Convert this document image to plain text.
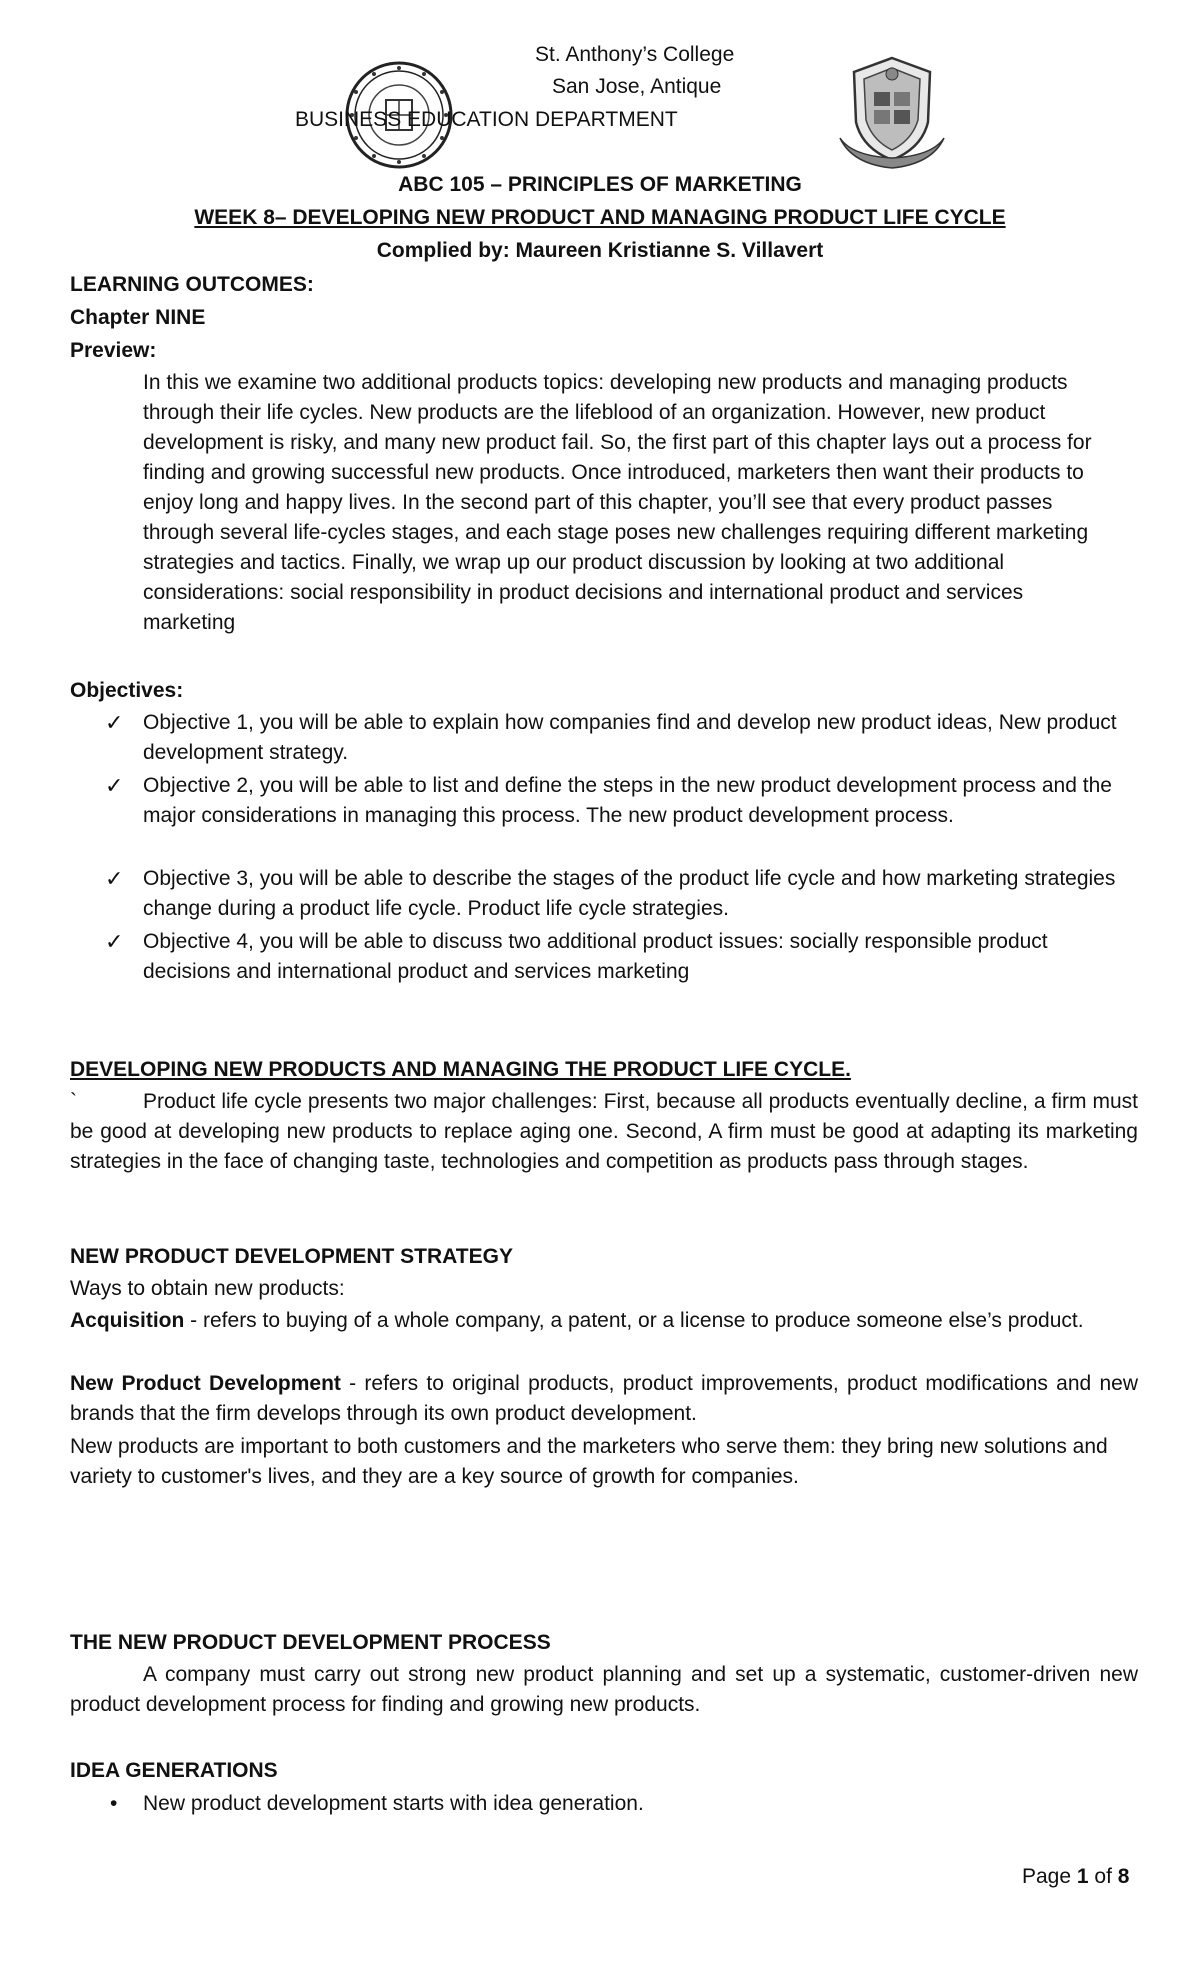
St. Anthony’s College
San Jose, Antique
BUSINESS EDUCATION DEPARTMENT
ABC 105 – PRINCIPLES OF MARKETING
WEEK 8– DEVELOPING NEW PRODUCT AND MANAGING PRODUCT LIFE CYCLE
Complied by: Maureen Kristianne S. Villavert
LEARNING OUTCOMES:
Chapter NINE
Preview:
In this we examine two additional products topics: developing new products and managing products through their life cycles. New products are the lifeblood of an organization. However, new product development is risky, and many new product fail. So, the first part of this chapter lays out a process for finding and growing successful new products. Once introduced, marketers then want their products to enjoy long and happy lives. In the second part of this chapter, you’ll see that every product passes through several life-cycles stages, and each stage poses new challenges requiring different marketing strategies and tactics. Finally, we wrap up our product discussion by looking at two additional considerations: social responsibility in product decisions and international product and services marketing
Objectives:
✓ Objective 1, you will be able to explain how companies find and develop new product ideas, New product development strategy.
✓ Objective 2, you will be able to list and define the steps in the new product development process and the major considerations in managing this process. The new product development process.
✓ Objective 3, you will be able to describe the stages of the product life cycle and how marketing strategies change during a product life cycle. Product life cycle strategies.
✓ Objective 4, you will be able to discuss two additional product issues: socially responsible product decisions and international product and services marketing
DEVELOPING NEW PRODUCTS AND MANAGING THE PRODUCT LIFE CYCLE.
`	Product life cycle presents two major challenges: First, because all products eventually decline, a firm must be good at developing new products to replace aging one. Second, A firm must be good at adapting its marketing strategies in the face of changing taste, technologies and competition as products pass through stages.
NEW PRODUCT DEVELOPMENT STRATEGY
Ways to obtain new products:
Acquisition - refers to buying of a whole company, a patent, or a license to produce someone else’s product.
New Product Development - refers to original products, product improvements, product modifications and new brands that the firm develops through its own product development.
New products are important to both customers and the marketers who serve them: they bring new solutions and variety to customer's lives, and they are a key source of growth for companies.
THE NEW PRODUCT DEVELOPMENT PROCESS
A company must carry out strong new product planning and set up a systematic, customer-driven new product development process for finding and growing new products.
IDEA GENERATIONS
• New product development starts with idea generation.
Page 1 of 8
